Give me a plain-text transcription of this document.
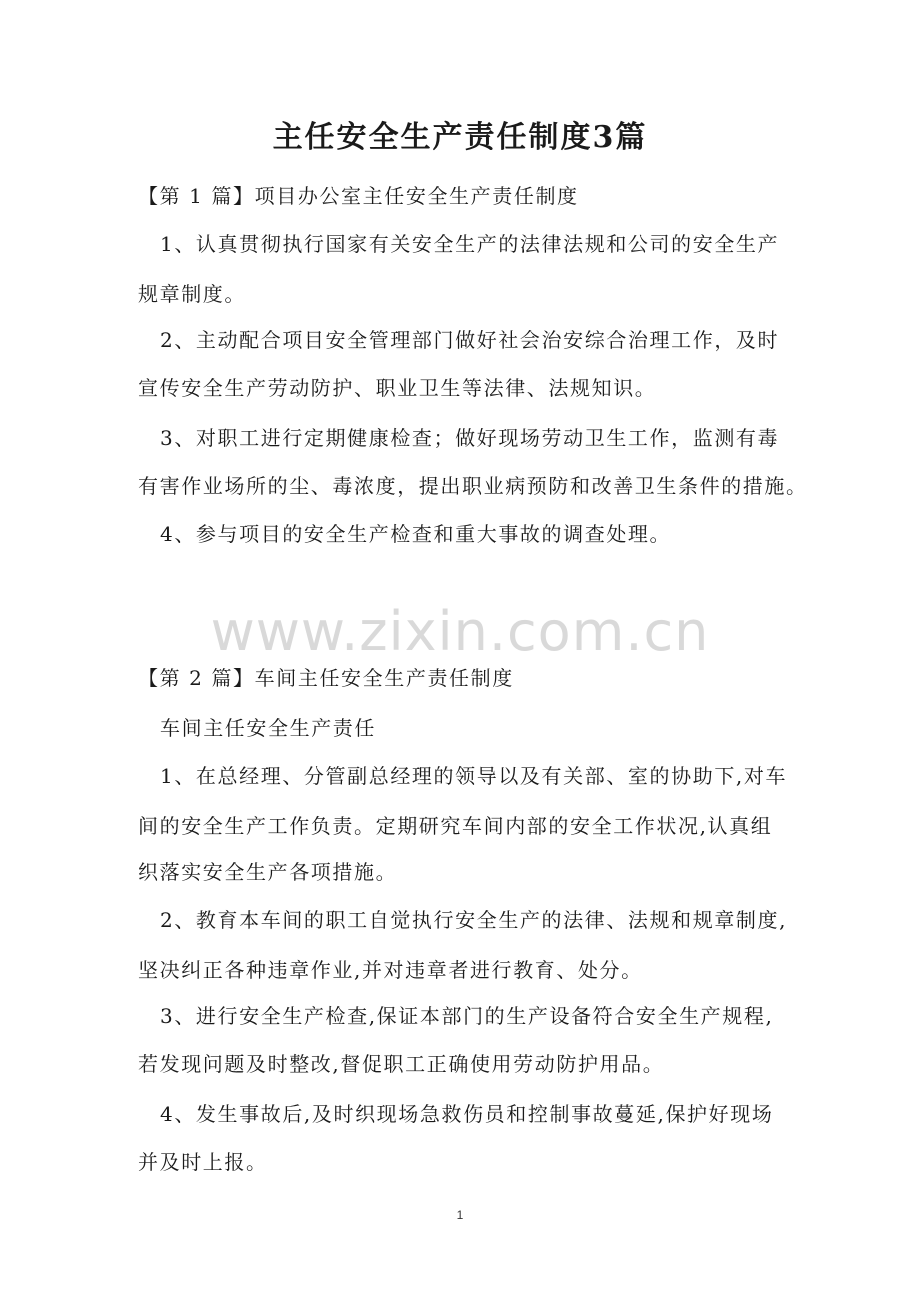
主任安全生产责任制度3篇
【第 1 篇】项目办公室主任安全生产责任制度
1、认真贯彻执行国家有关安全生产的法律法规和公司的安全生产
规章制度。
2、主动配合项目安全管理部门做好社会治安综合治理工作，及时
宣传安全生产劳动防护、职业卫生等法律、法规知识。
3、对职工进行定期健康检查；做好现场劳动卫生工作，监测有毒
有害作业场所的尘、毒浓度，提出职业病预防和改善卫生条件的措施。
4、参与项目的安全生产检查和重大事故的调查处理。
www.zixin.com.cn
【第 2 篇】车间主任安全生产责任制度
车间主任安全生产责任
1、在总经理、分管副总经理的领导以及有关部、室的协助下,对车
间的安全生产工作负责。定期研究车间内部的安全工作状况,认真组
织落实安全生产各项措施。
2、教育本车间的职工自觉执行安全生产的法律、法规和规章制度,
坚决纠正各种违章作业,并对违章者进行教育、处分。
3、进行安全生产检查,保证本部门的生产设备符合安全生产规程,
若发现问题及时整改,督促职工正确使用劳动防护用品。
4、发生事故后,及时织现场急救伤员和控制事故蔓延,保护好现场
并及时上报。
1
